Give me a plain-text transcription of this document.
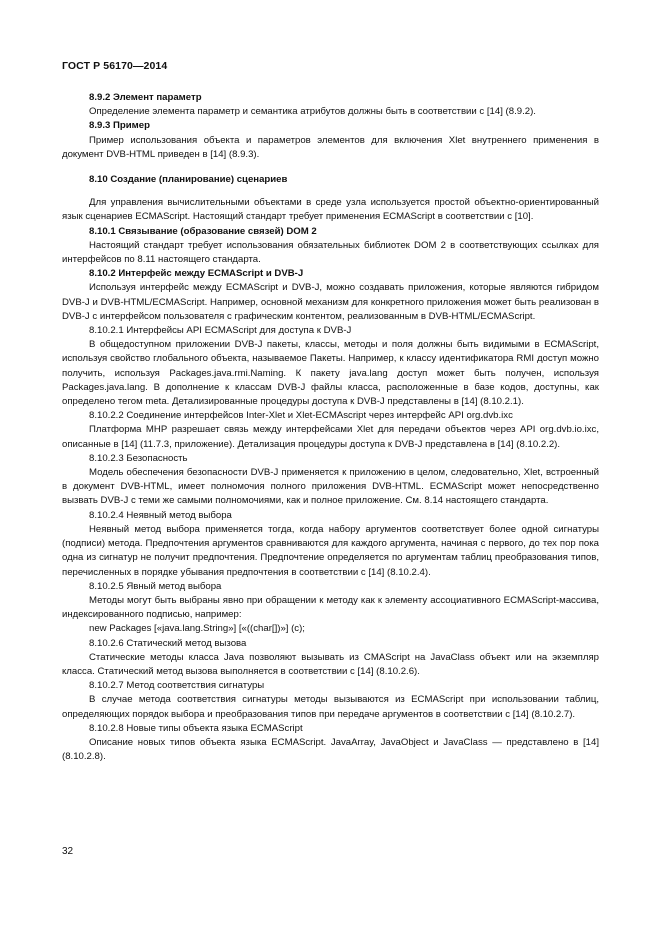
ГОСТ Р 56170—2014

8.9.2 Элемент параметр

Определение элемента параметр и семантика атрибутов должны быть в соответствии с [14] (8.9.2).

8.9.3 Пример

Пример использования объекта и параметров элементов для включения Xlet внутреннего применения в документ DVB-HTML приведен в [14] (8.9.3).

8.10 Создание (планирование) сценариев

Для управления вычислительными объектами в среде узла используется простой объектно-ориентированный язык сценариев ECMAScript. Настоящий стандарт требует применения ECMAScript в соответствии с [10].

8.10.1 Связывание (образование связей) DOM 2

Настоящий стандарт требует использования обязательных библиотек DOM 2 в соответствующих ссылках для интерфейсов по 8.11 настоящего стандарта.

8.10.2 Интерфейс между ECMAScript и DVB-J

Используя интерфейс между ECMAScript и DVB-J, можно создавать приложения, которые являются гибридом DVB-J и DVB-HTML/ECMAScript. Например, основной механизм для конкретного приложения может быть реализован в DVB-J с интерфейсом пользователя с графическим контентом, реализованным в DVB-HTML/ECMAScript.

8.10.2.1 Интерфейсы API ECMAScript для доступа к DVB-J

В общедоступном приложении DVB-J пакеты, классы, методы и поля должны быть видимыми в ECMAScript, используя свойство глобального объекта, называемое Пакеты. Например, к классу идентификатора RMI доступ можно получить, используя Packages.java.rmi.Naming. К пакету java.lang доступ может быть получен, используя Packages.java.lang. В дополнение к классам DVB-J файлы класса, расположенные в базе кодов, доступны, как определено тегом meta. Детализированные процедуры доступа к DVB-J представлены в [14] (8.10.2.1).

8.10.2.2 Соединение интерфейсов Inter-Xlet и Xlet-ECMAscript через интерфейс API org.dvb.ixc

Платформа МНР разрешает связь между интерфейсами Xlet для передачи объектов через API org.dvb.io.ixc, описанные в [14] (11.7.3, приложение). Детализация процедуры доступа к DVB-J представлена в [14] (8.10.2.2).

8.10.2.3 Безопасность

Модель обеспечения безопасности DVB-J применяется к приложению в целом, следовательно, Xlet, встроенный в документ DVB-HTML, имеет полномочия полного приложения DVB-HTML. ECMAScript может непосредственно вызвать DVB-J с теми же самыми полномочиями, как и полное приложение. См. 8.14 настоящего стандарта.

8.10.2.4 Неявный метод выбора

Неявный метод выбора применяется тогда, когда набору аргументов соответствует более одной сигнатуры (подписи) метода. Предпочтения аргументов сравниваются для каждого аргумента, начиная с первого, до тех пор пока одна из сигнатур не получит предпочтения. Предпочтение определяется по аргументам таблиц преобразования типов, перечисленных в порядке убывания предпочтения в соответствии с [14] (8.10.2.4).

8.10.2.5 Явный метод выбора

Методы могут быть выбраны явно при обращении к методу как к элементу ассоциативного ECMAScript-массива, индексированного подписью, например:

new Packages [«java.lang.String»] [«((char[])»] (c);

8.10.2.6 Статический метод вызова

Статические методы класса Java позволяют вызывать из CMAScript на JavaClass объект или на экземпляр класса. Статический метод вызова выполняется в соответствии с [14] (8.10.2.6).

8.10.2.7 Метод соответствия сигнатуры

В случае метода соответствия сигнатуры методы вызываются из ECMAScript при использовании таблиц, определяющих порядок выбора и преобразования типов при передаче аргументов в соответствии с [14] (8.10.2.7).

8.10.2.8 Новые типы объекта языка ECMAScript

Описание новых типов объекта языка ECMAScript. JavaArray, JavaObject и JavaClass — представлено в [14] (8.10.2.8).

32
